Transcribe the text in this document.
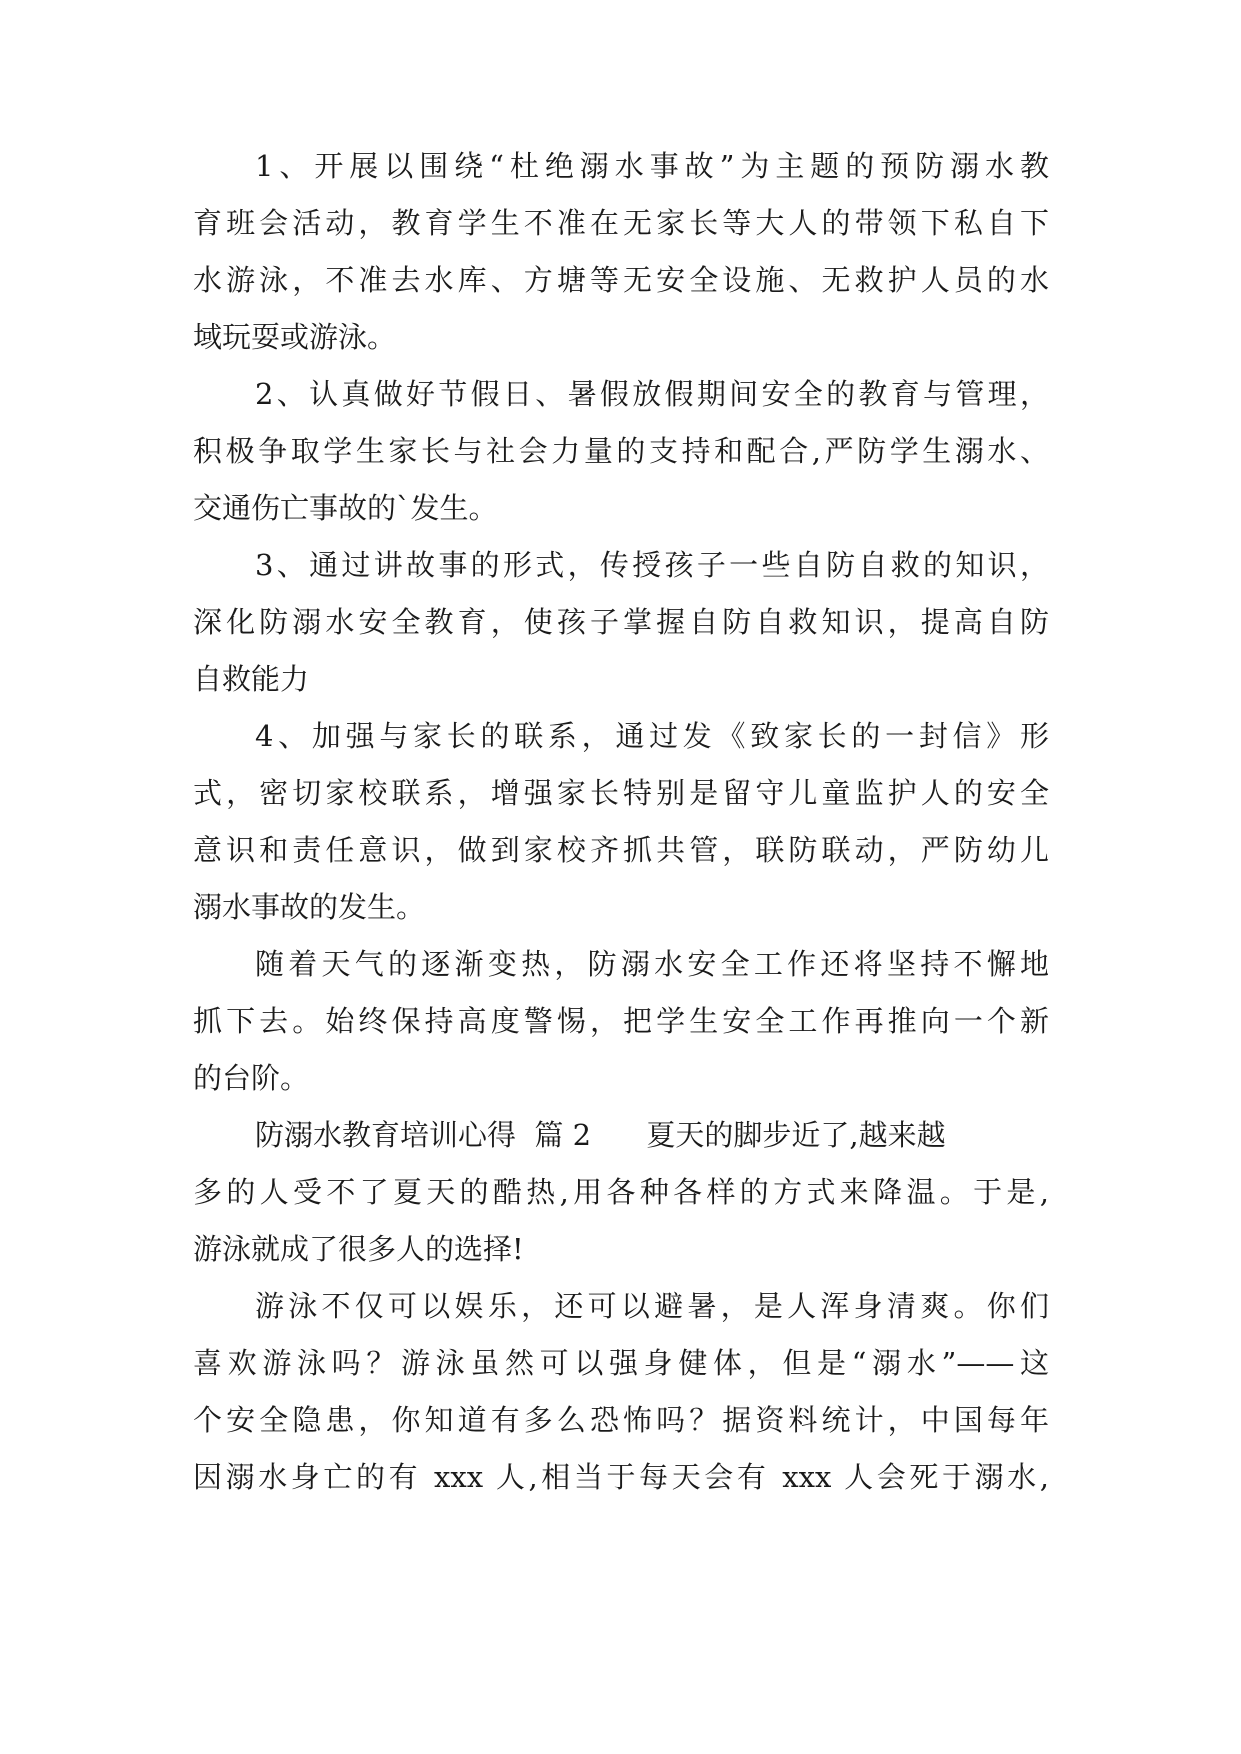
1、开展以围绕“杜绝溺水事故”为主题的预防溺水教
育班会活动，教育学生不准在无家长等大人的带领下私自下
水游泳，不准去水库、方塘等无安全设施、无救护人员的水
域玩耍或游泳。
2、认真做好节假日、暑假放假期间安全的教育与管理，
积极争取学生家长与社会力量的支持和配合,严防学生溺水、
交通伤亡事故的`发生。
3、通过讲故事的形式，传授孩子一些自防自救的知识，
深化防溺水安全教育，使孩子掌握自防自救知识，提高自防
自救能力
4、加强与家长的联系，通过发《致家长的一封信》形
式，密切家校联系，增强家长特别是留守儿童监护人的安全
意识和责任意识，做到家校齐抓共管，联防联动，严防幼儿
溺水事故的发生。
随着天气的逐渐变热，防溺水安全工作还将坚持不懈地
抓下去。始终保持高度警惕，把学生安全工作再推向一个新
的台阶。
防溺水教育培训心得  篇 2      夏天的脚步近了,越来越
多的人受不了夏天的酷热,用各种各样的方式来降温。于是,
游泳就成了很多人的选择!
游泳不仅可以娱乐，还可以避暑，是人浑身清爽。你们
喜欢游泳吗？游泳虽然可以强身健体，但是“溺水”——这
个安全隐患，你知道有多么恐怖吗？据资料统计，中国每年
因溺水身亡的有 xxx 人,相当于每天会有 xxx 人会死于溺水,
